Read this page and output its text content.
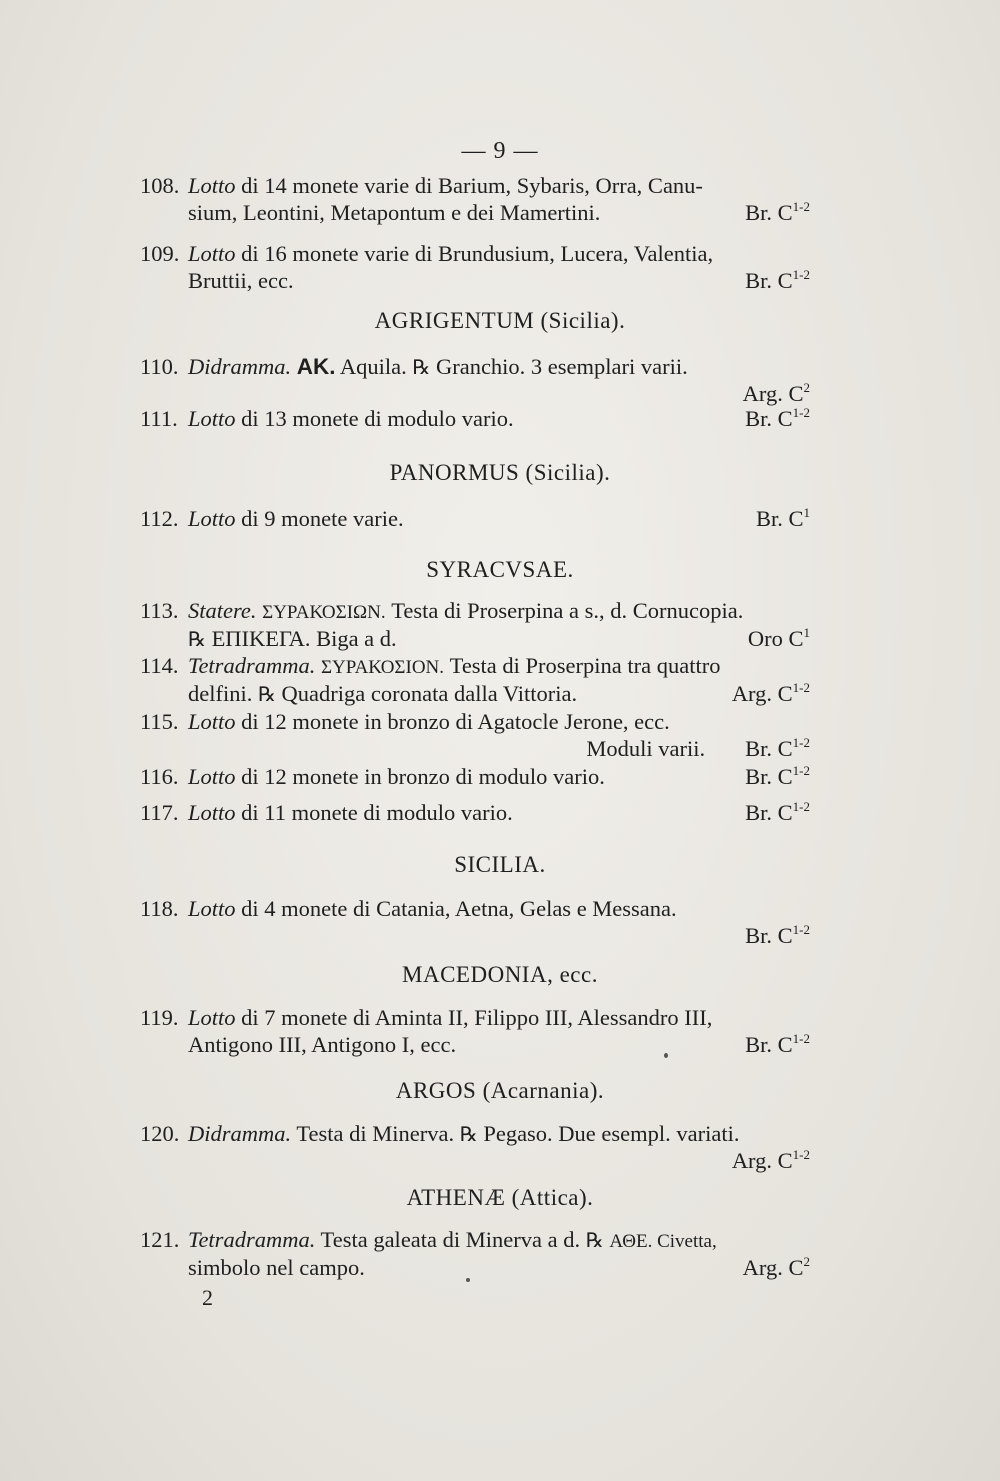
— 9 —
108. Lotto di 14 monete varie di Barium, Sybaris, Orra, Canu-
sium, Leontini, Metapontum e dei Mamertini.	Br. $C^{1-2}$
109. Lotto di 16 monete varie di Brundusium, Lucera, Valentia,
Bruttii, ecc.	Br. $C^{1-2}$
AGRIGENTUM (Sicilia).
110. Didramma. AK. Aquila. ℞ Granchio. 3 esemplari varii.
Arg. $C^2$
111. Lotto di 13 monete di modulo vario.	Br. $C^{1-2}$
PANORMUS (Sicilia).
112. Lotto di 9 monete varie.	Br. $C^1$
SYRACVSAE.
113. Statere. ΣΥΡΑΚΟΣΙΩΝ. Testa di Proserpina a s., d. Cornucopia.
℞ ΕΠΙΚΕΓΑ. Biga a d.	Oro $C^1$
114. Tetradramma. ΣΥΡΑΚΟΣΙΟΝ. Testa di Proserpina tra quattro
delfini. ℞ Quadriga coronata dalla Vittoria.	Arg. $C^{1-2}$
115. Lotto di 12 monete in bronzo di Agatocle Jerone, ecc.
Moduli varii. Br. $C^{1-2}$
116. Lotto di 12 monete in bronzo di modulo vario.	Br. $C^{1-2}$
117. Lotto di 11 monete di modulo vario.	Br. $C^{1-2}$
SICILIA.
118. Lotto di 4 monete di Catania, Aetna, Gelas e Messana.
Br. $C^{1-2}$
MACEDONIA, ecc.
119. Lotto di 7 monete di Aminta II, Filippo III, Alessandro III,
Antigono III, Antigono I, ecc.	Br. $C^{1-2}$
ARGOS (Acarnania).
120. Didramma. Testa di Minerva. ℞ Pegaso. Due esempl. variati.
Arg. $C^{1-2}$
ATHENÆ (Attica).
121. Tetradramma. Testa galeata di Minerva a d. ℞ ΑΘΕ. Civetta,
simbolo nel campo.	Arg. $C^2$
2
